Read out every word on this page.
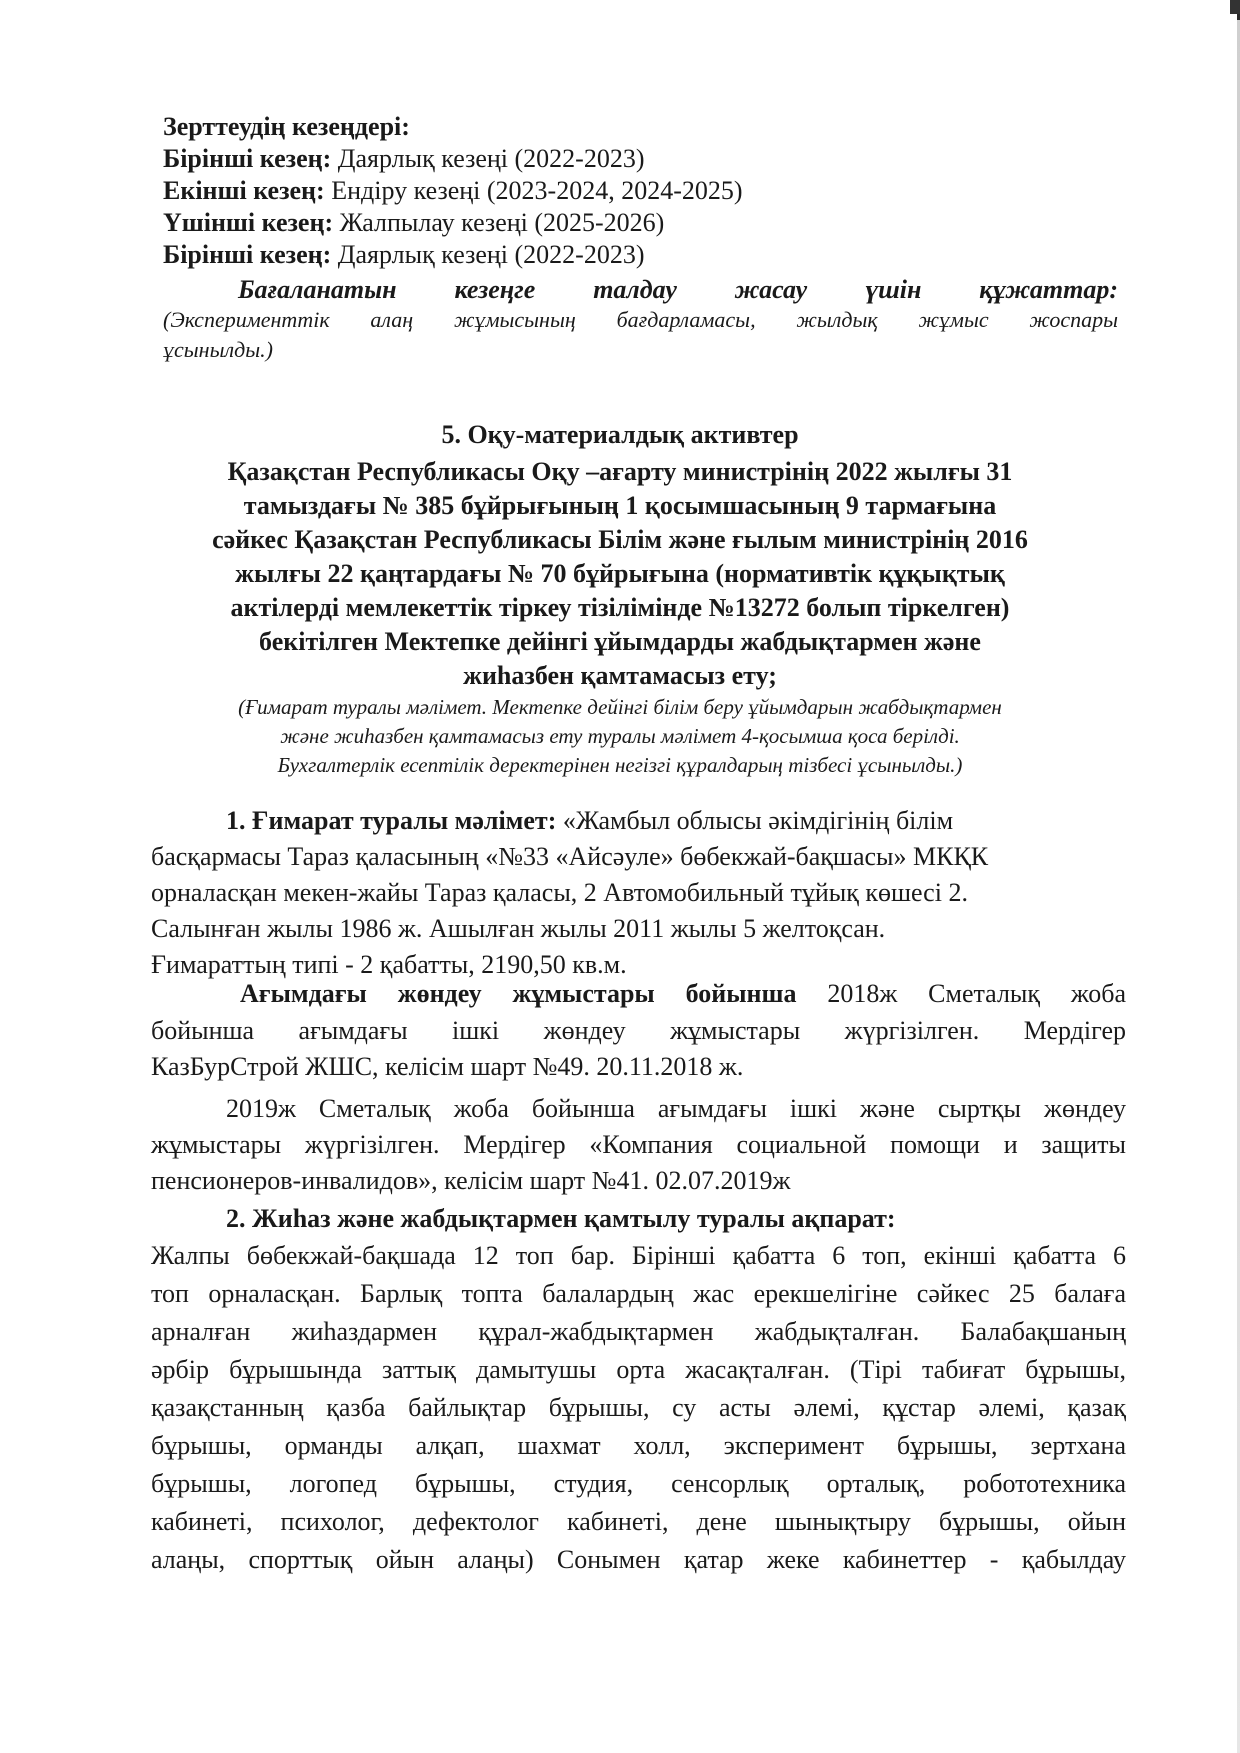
Зерттеудің кезеңдері:
Бірінші кезең: Даярлық кезеңі (2022-2023)
Екінші кезең: Ендіру кезеңі (2023-2024, 2024-2025)
Үшінші кезең: Жалпылау кезеңі (2025-2026)
Бірінші кезең: Даярлық кезеңі (2022-2023)
Бағаланатын кезеңге талдау жасау үшін құжаттар:
(Эксперименттік алаң жұмысының бағдарламасы, жылдық жұмыс жоспары
ұсынылды.)
5. Оқу-материалдық активтер
Қазақстан Республикасы Оқу –ағарту министрінің 2022 жылғы 31
тамыздағы № 385 бұйрығының 1 қосымшасының 9 тармағына
сәйкес Қазақстан Республикасы Білім және ғылым министрінің 2016
жылғы 22 қаңтардағы № 70 бұйрығына (нормативтік құқықтық
актілерді мемлекеттік тіркеу тізілімінде №13272 болып тіркелген)
бекітілген Мектепке дейінгі ұйымдарды жабдықтармен және
жиһазбен қамтамасыз ету;
(Ғимарат туралы мәлімет. Мектепке дейінгі білім беру ұйымдарын жабдықтармен
және жиһазбен қамтамасыз ету туралы мәлімет 4-қосымша қоса берілді.
Бухгалтерлік есептілік деректерінен негізгі құралдарың тізбесі ұсынылды.)
1. Ғимарат туралы мәлімет: «Жамбыл облысы әкімдігінің білім
басқармасы Тараз қаласының «№33 «Айсәуле» бөбекжай-бақшасы» МКҚК
орналасқан мекен-жайы Тараз қаласы, 2 Автомобильный тұйық көшесі 2.
Салынған жылы 1986 ж. Ашылған жылы 2011 жылы 5 желтоқсан.
Ғимараттың типі - 2 қабатты, 2190,50 кв.м.
Ағымдағы жөндеу жұмыстары бойынша 2018ж Сметалық жоба
бойынша ағымдағы ішкі жөндеу жұмыстары жүргізілген. Мердігер
КазБурСтрой ЖШС, келісім шарт №49. 20.11.2018 ж.
2019ж Сметалық жоба бойынша ағымдағы ішкі және сыртқы жөндеу
жұмыстары жүргізілген. Мердігер «Компания социальной помощи и защиты
пенсионеров-инвалидов», келісім шарт №41. 02.07.2019ж
2. Жиһаз және жабдықтармен қамтылу туралы ақпарат:
Жалпы бөбекжай-бақшада 12 топ бар. Бірінші қабатта 6 топ, екінші қабатта 6
топ орналасқан. Барлық топта балалардың жас ерекшелігіне сәйкес 25 балаға
арналған жиһаздармен құрал-жабдықтармен жабдықталған. Балабақшаның
әрбір бұрышында заттық дамытушы орта жасақталған. (Тірі табиғат бұрышы,
қазақстанның қазба байлықтар бұрышы, су асты әлемі, құстар әлемі, қазақ
бұрышы, орманды алқап, шахмат холл, эксперимент бұрышы, зертхана
бұрышы, логопед бұрышы, студия, сенсорлық орталық, робототехника
кабинеті, психолог, дефектолог кабинеті, дене шынықтыру бұрышы, ойын
алаңы, спорттық ойын алаңы) Сонымен қатар жеке кабинеттер - қабылдау
